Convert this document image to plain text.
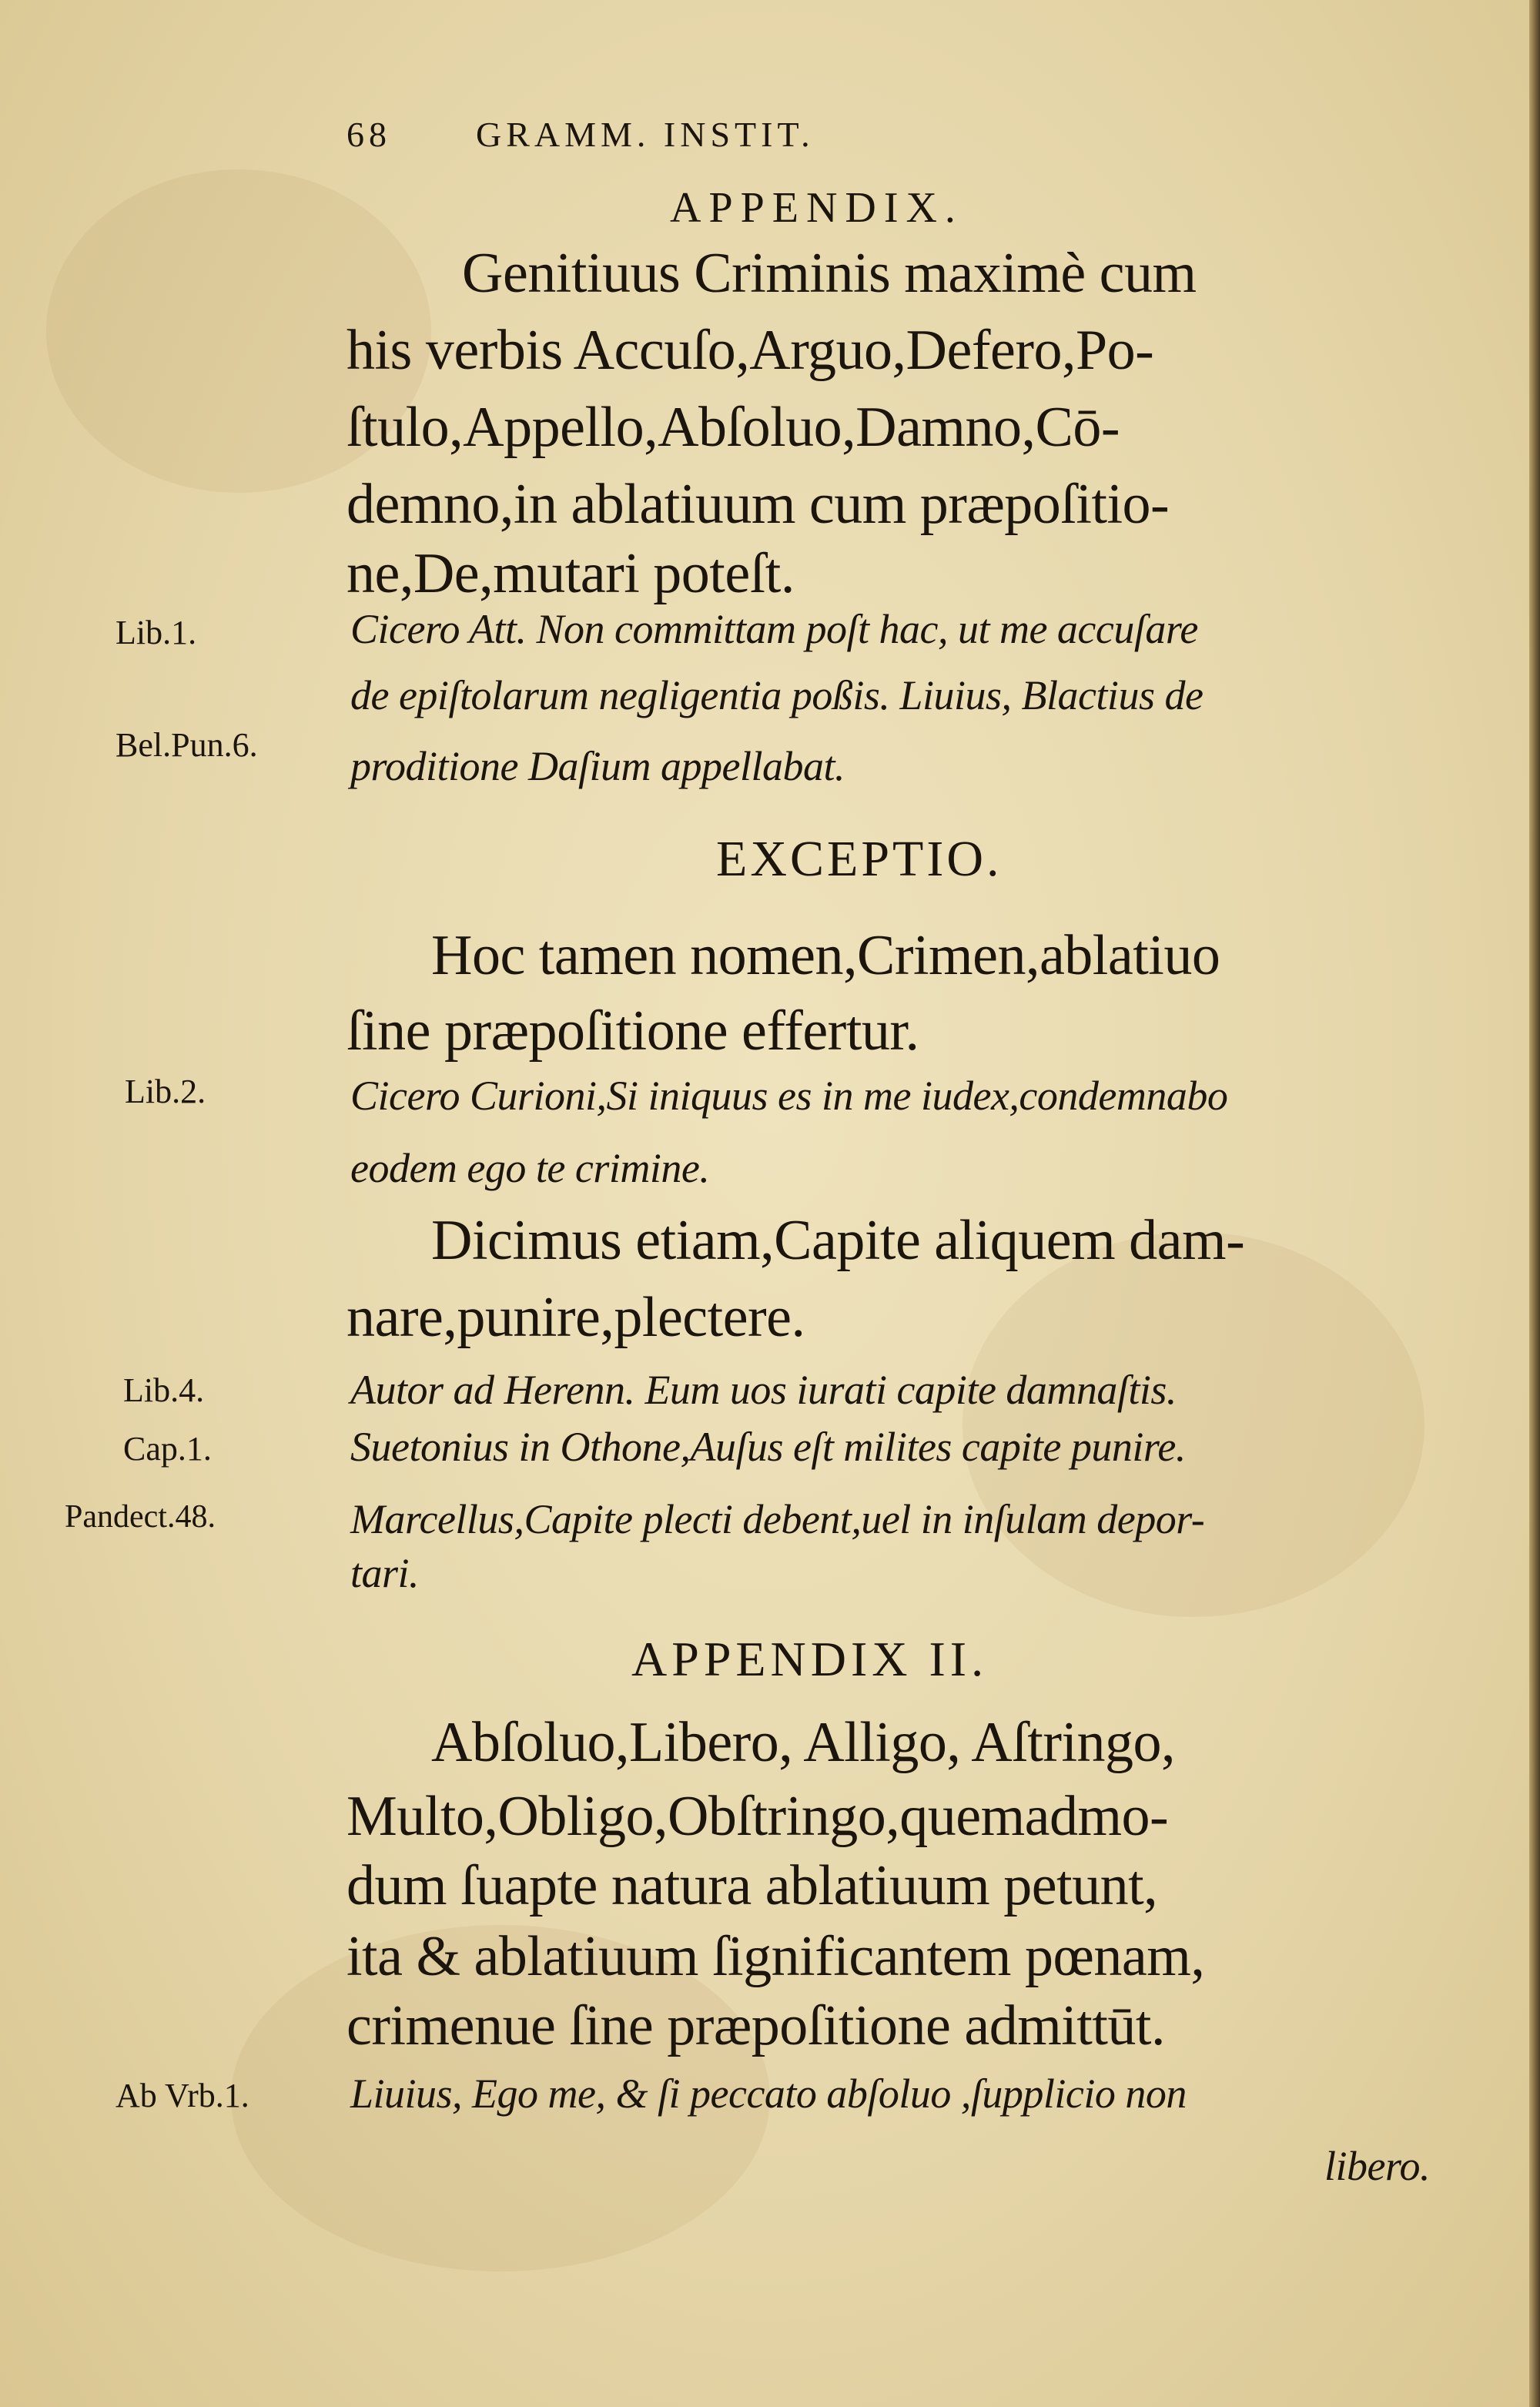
68 GRAMM. INSTIT.
APPENDIX.
Genitiuus Criminis maximè cum
his verbis Accuſo,Arguo,Defero,Po-
ſtulo,Appello,Abſoluo,Damno,Cō-
demno,in ablatiuum cum præpoſitio-
ne,De,mutari poteſt.
Lib.1.	Cicero Att. Non committam poſt hac, ut me accuſare
Bel.Pun.6.
de epiſtolarum negligentia poßis. Liuius, Blactius de
proditione Daſium appellabat.
EXCEPTIO.
Hoc tamen nomen,Crimen,ablatiuo
ſine præpoſitione effertur.
Lib.2.	Cicero Curioni,Si iniquus es in me iudex,condemnabo
eodem ego te crimine.
Dicimus etiam,Capite aliquem dam-
nare,punire,plectere.
Lib.4.	Autor ad Herenn. Eum uos iurati capite damnaſtis.
Cap.1.	Suetonius in Othone,Auſus eſt milites capite punire.
Pandect.48.	Marcellus,Capite plecti debent,uel in inſulam depor-
tari.
APPENDIX II.
Abſoluo,Libero, Alligo, Aſtringo,
Multo,Obligo,Obſtringo,quemadmo-
dum ſuapte natura ablatiuum petunt,
ita & ablatiuum ſignificantem pœnam,
crimenue ſine præpoſitione admittūt.
Ab Vrb.1. Liuius, Ego me, & ſi peccato abſoluo ,ſupplicio non
libero.
